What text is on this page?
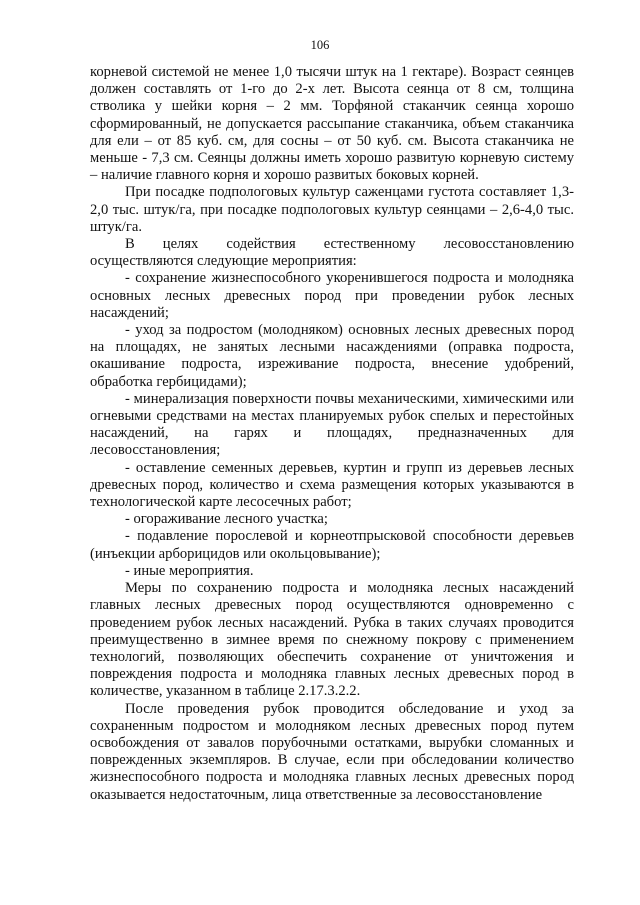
106

корневой системой не менее 1,0 тысячи штук на 1 гектаре). Возраст сеянцев должен составлять от 1-го до 2-х лет. Высота сеянца от 8 см, толщина стволика у шейки корня – 2 мм. Торфяной стаканчик сеянца хорошо сформированный, не допускается рассыпание стаканчика, объем стаканчика для ели – от 85 куб. см, для сосны – от 50 куб. см. Высота стаканчика не меньше - 7,3 см. Сеянцы должны иметь хорошо развитую корневую систему – наличие главного корня и хорошо развитых боковых корней.

При посадке подпологовых культур саженцами густота составляет 1,3-2,0 тыс. штук/га, при посадке подпологовых культур сеянцами – 2,6-4,0 тыс. штук/га.

В целях содействия естественному лесовосстановлению осуществляются следующие мероприятия:

- сохранение жизнеспособного укоренившегося подроста и молодняка основных лесных древесных пород при проведении рубок лесных насаждений;

- уход за подростом (молодняком) основных лесных древесных пород на площадях, не занятых лесными насаждениями (оправка подроста, окашивание подроста, изреживание подроста, внесение удобрений, обработка гербицидами);

- минерализация поверхности почвы механическими, химическими или огневыми средствами на местах планируемых рубок спелых и перестойных насаждений, на гарях и площадях, предназначенных для лесовосстановления;

- оставление семенных деревьев, куртин и групп из деревьев лесных древесных пород, количество и схема размещения которых указываются в технологической карте лесосечных работ;

- огораживание лесного участка;

- подавление порослевой и корнеотпрысковой способности деревьев (инъекции арборицидов или окольцовывание);

- иные мероприятия.

Меры по сохранению подроста и молодняка лесных насаждений главных лесных древесных пород осуществляются одновременно с проведением рубок лесных насаждений. Рубка в таких случаях проводится преимущественно в зимнее время по снежному покрову с применением технологий, позволяющих обеспечить сохранение от уничтожения и повреждения подроста и молодняка главных лесных древесных пород в количестве, указанном в таблице 2.17.3.2.2.

После проведения рубок проводится обследование и уход за сохраненным подростом и молодняком лесных древесных пород путем освобождения от завалов порубочными остатками, вырубки сломанных и поврежденных экземпляров. В случае, если при обследовании количество жизнеспособного подроста и молодняка главных лесных древесных пород оказывается недостаточным, лица ответственные за лесовосстановление
